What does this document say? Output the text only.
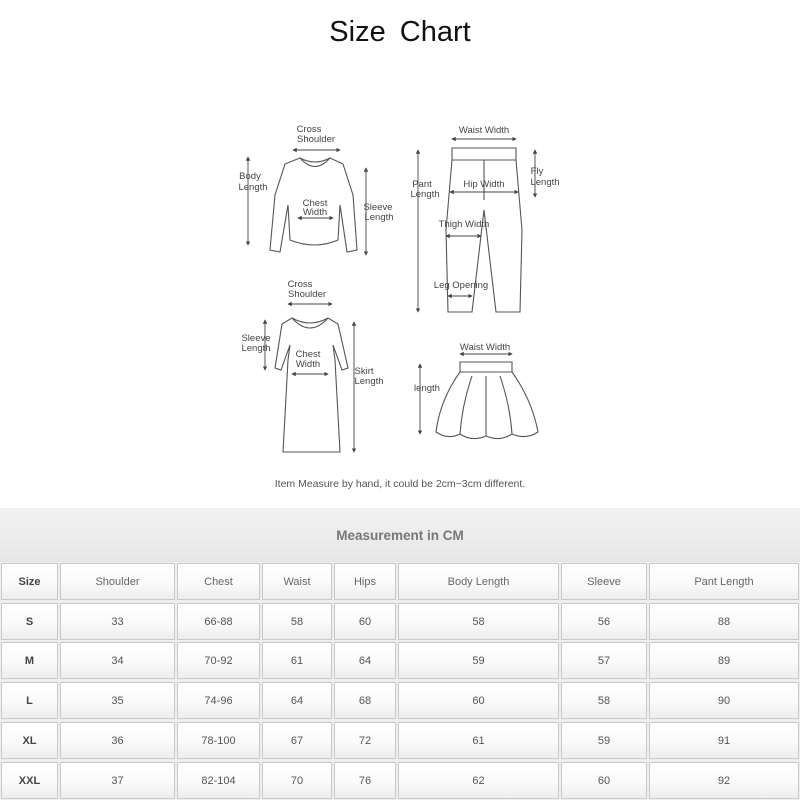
Size Chart
Cross
Shoulder
Body
Length
Chest
Width	Sleeve
Length
Waist Width
Pant
Length
Fly
Length
Hip Width
Thigh Width
Leg Opening
Cross
Shoulder
Sleeve
Length
Chest
Width
Skirt
Length
Waist Width
length
Item Measure by hand, it could be 2cm~3cm different.
Measurement in CM
Size	Shoulder	Chest	Waist	Hips	Body Length	Sleeve	Pant Length
S	33	66-88	58	60	58	56	88
M	34	70-92	61	64	59	57	89
L	35	74-96	64	68	60	58	90
XL	36	78-100	67	72	61	59	91
XXL	37	82-104	70	76	62	60	92
